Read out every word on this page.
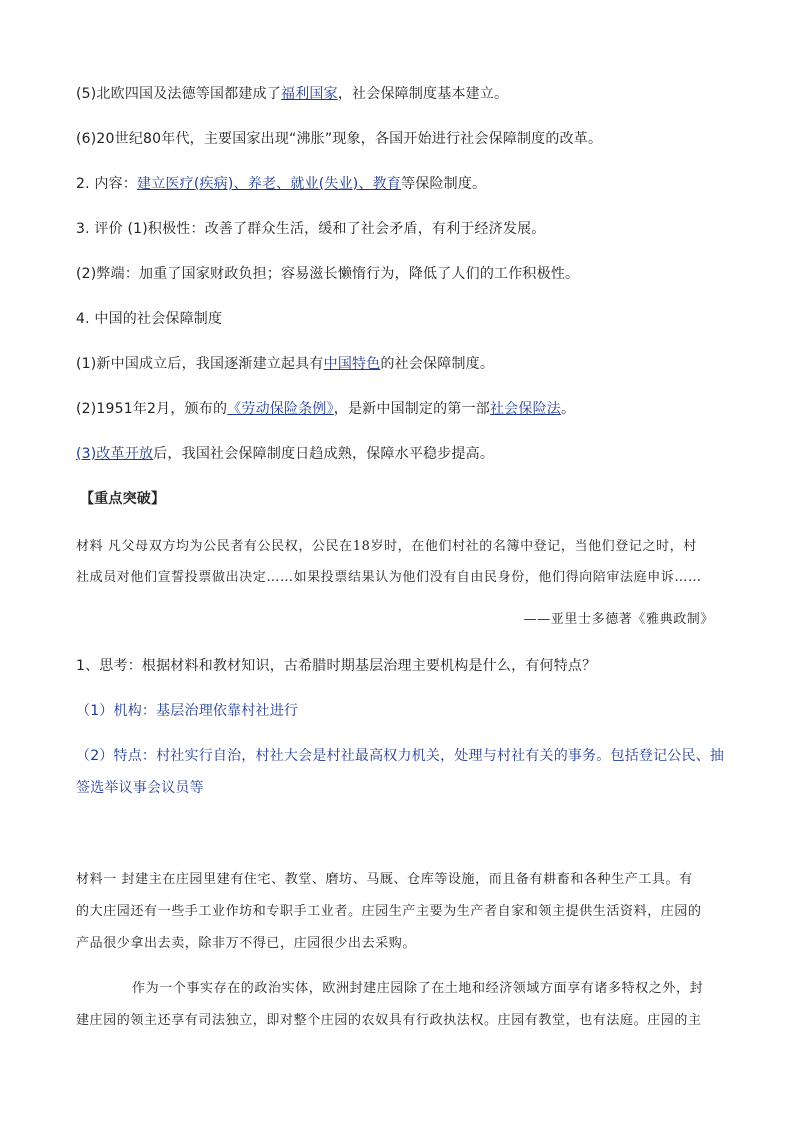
(5)北欧四国及法德等国都建成了福利国家，社会保障制度基本建立。
(6)20世纪80年代，主要国家出现“沸胀”现象，各国开始进行社会保障制度的改革。
2. 内容：建立医疗(疾病)、养老、就业(失业)、教育等保险制度。
3. 评价 (1)积极性：改善了群众生活，缓和了社会矛盾，有利于经济发展。
(2)弊端：加重了国家财政负担；容易滋长懒惰行为，降低了人们的工作积极性。
4. 中国的社会保障制度
(1)新中国成立后，我国逐渐建立起具有中国特色的社会保障制度。
(2)1951年2月，颁布的《劳动保险条例》，是新中国制定的第一部社会保险法。
(3)改革开放后，我国社会保障制度日趋成熟，保障水平稳步提高。
【重点突破】
材料 凡父母双方均为公民者有公民权，公民在18岁时，在他们村社的名簿中登记，当他们登记之时，村
社成员对他们宣誓投票做出决定……如果投票结果认为他们没有自由民身份，他们得向陪审法庭申诉……
——亚里士多德著《雅典政制》
1、思考：根据材料和教材知识，古希腊时期基层治理主要机构是什么，有何特点？
（1）机构：基层治理依靠村社进行
（2）特点：村社实行自治，村社大会是村社最高权力机关，处理与村社有关的事务。包括登记公民、抽
签选举议事会议员等
材料一 封建主在庄园里建有住宅、教堂、磨坊、马厩、仓库等设施，而且备有耕畜和各种生产工具。有
的大庄园还有一些手工业作坊和专职手工业者。庄园生产主要为生产者自家和领主提供生活资料，庄园的
产品很少拿出去卖，除非万不得已，庄园很少出去采购。
作为一个事实存在的政治实体，欧洲封建庄园除了在土地和经济领域方面享有诸多特权之外，封
建庄园的领主还享有司法独立，即对整个庄园的农奴具有行政执法权。庄园有教堂，也有法庭。庄园的主
